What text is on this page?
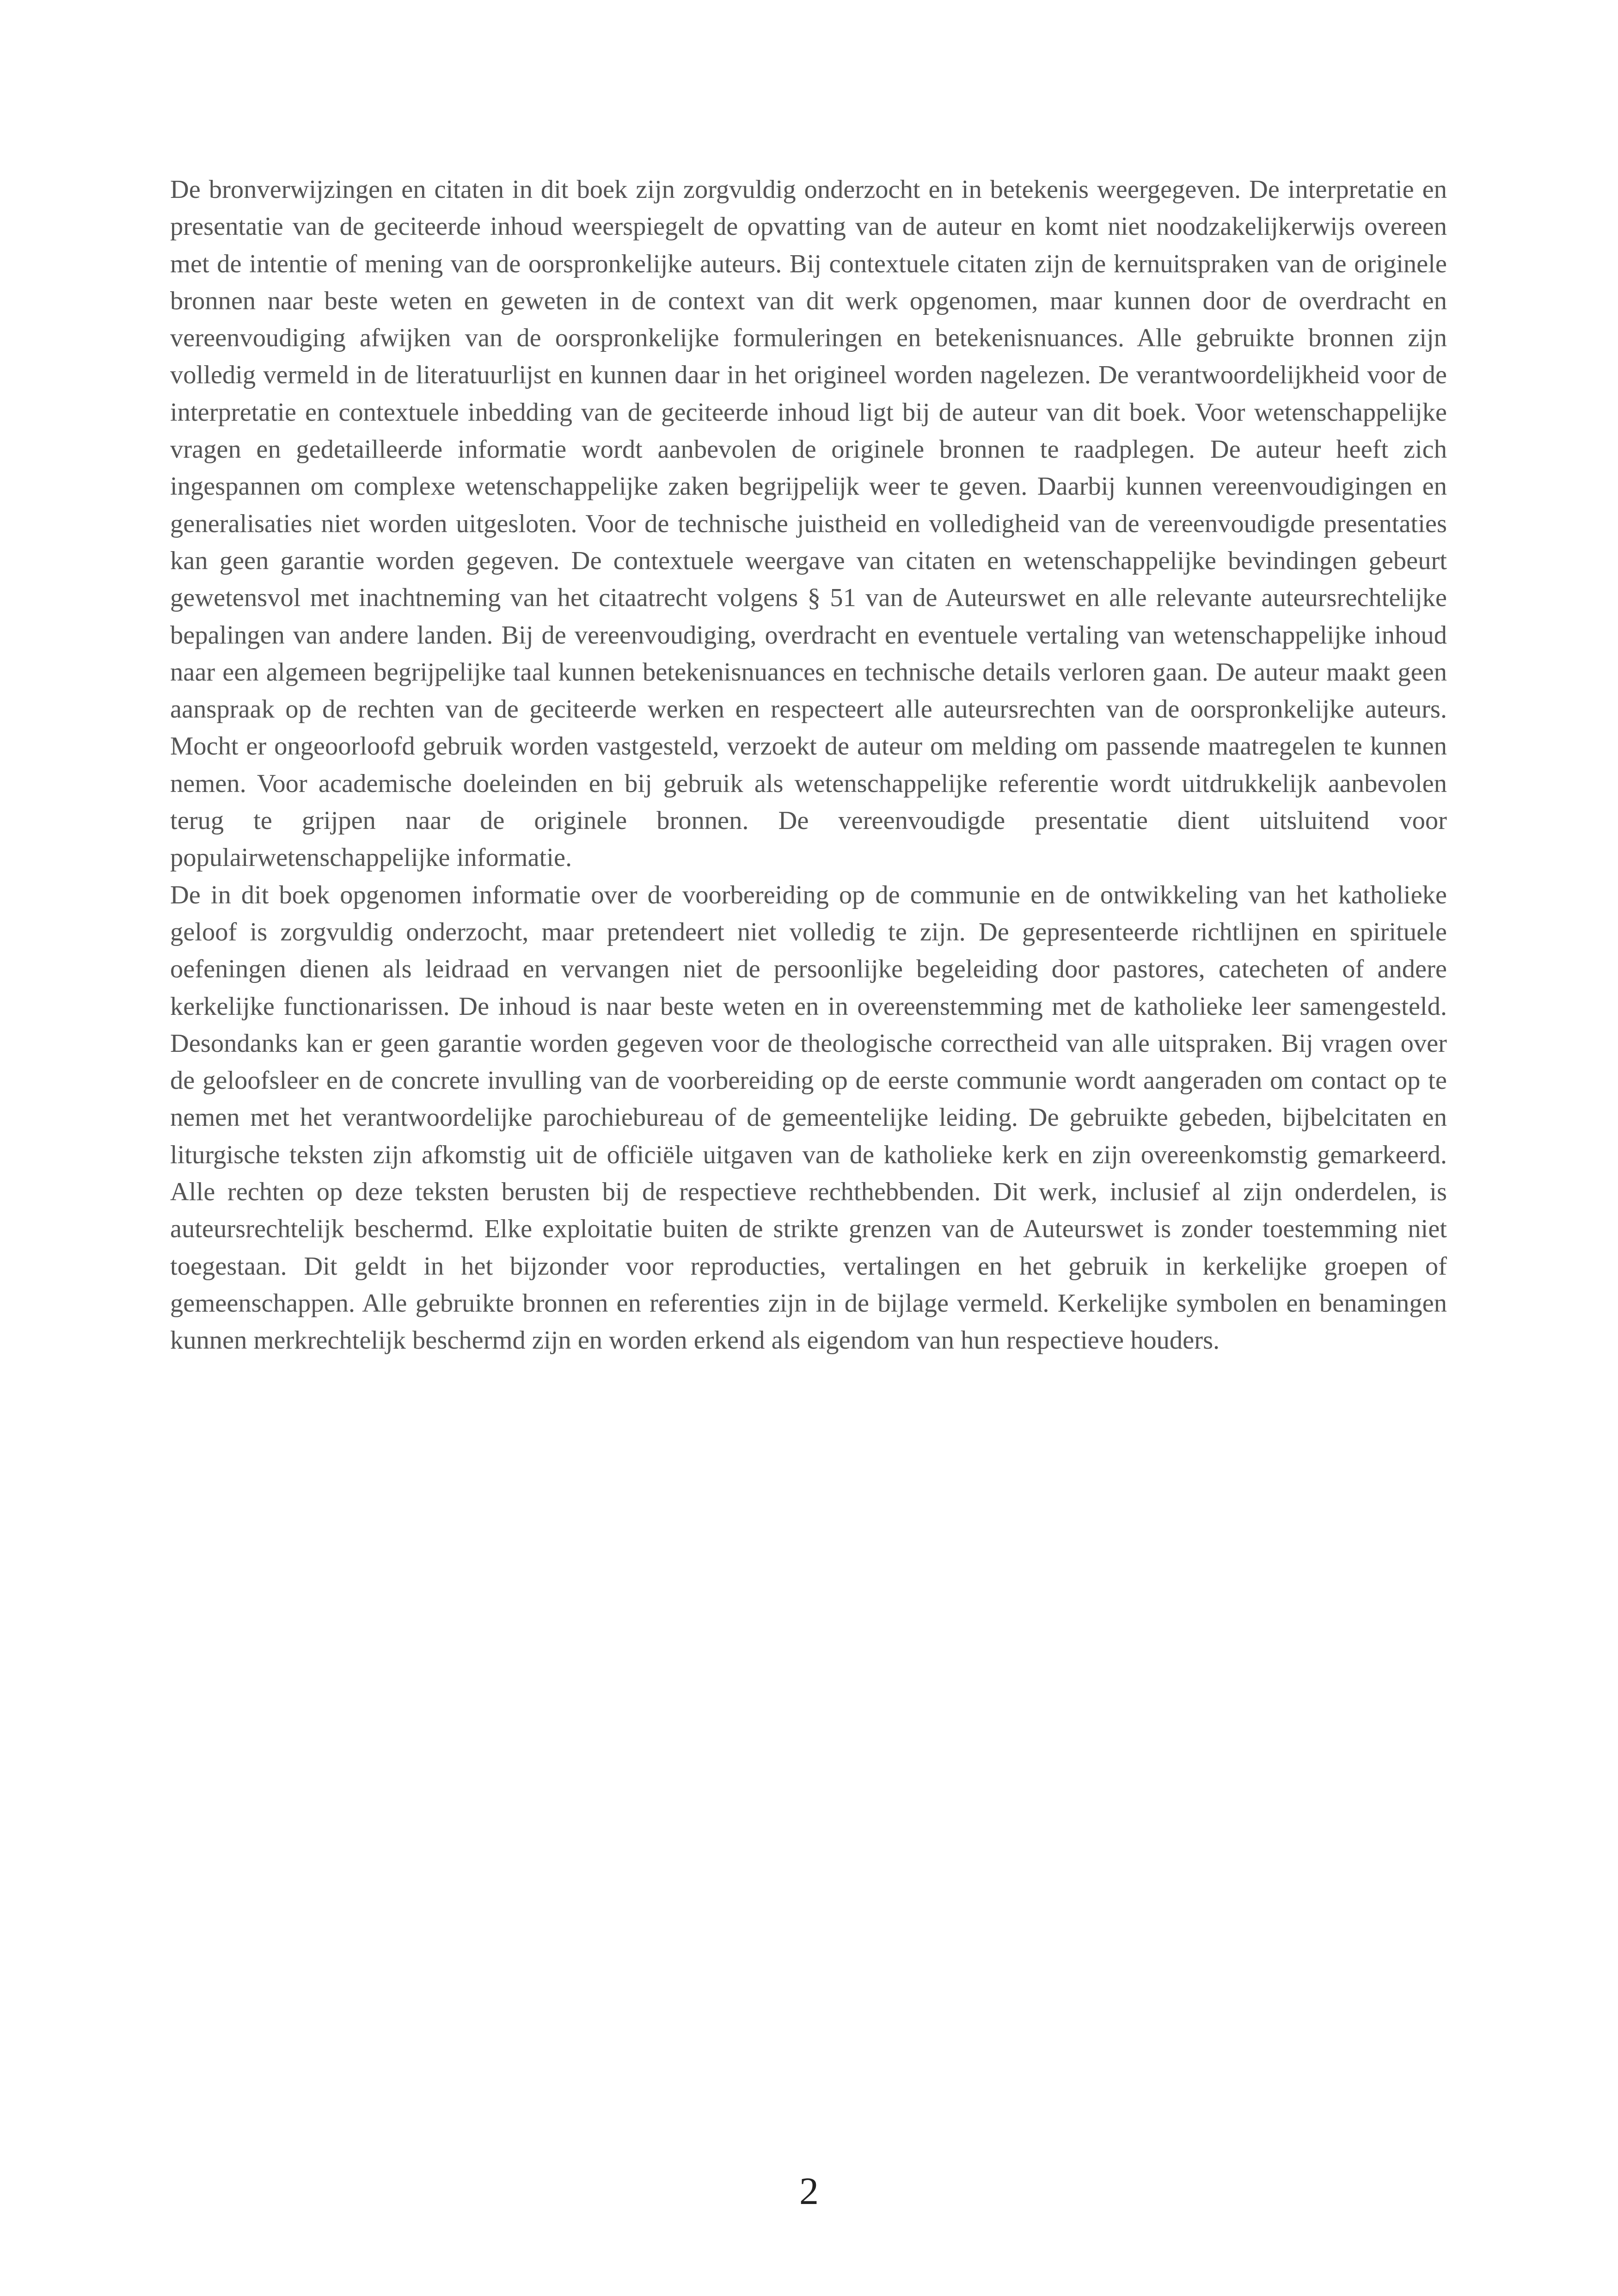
De bronverwijzingen en citaten in dit boek zijn zorgvuldig onderzocht en in betekenis weergegeven. De interpretatie en presentatie van de geciteerde inhoud weerspiegelt de opvatting van de auteur en komt niet noodzakelijkerwijs overeen met de intentie of mening van de oorspronkelijke auteurs. Bij contextuele citaten zijn de kernuitspraken van de originele bronnen naar beste weten en geweten in de context van dit werk opgenomen, maar kunnen door de overdracht en vereenvoudiging afwijken van de oorspronkelijke formuleringen en betekenisnuances. Alle gebruikte bronnen zijn volledig vermeld in de literatuurlijst en kunnen daar in het origineel worden nagelezen. De verantwoordelijkheid voor de interpretatie en contextuele inbedding van de geciteerde inhoud ligt bij de auteur van dit boek. Voor wetenschappelijke vragen en gedetailleerde informatie wordt aanbevolen de originele bronnen te raadplegen. De auteur heeft zich ingespannen om complexe wetenschappelijke zaken begrijpelijk weer te geven. Daarbij kunnen vereenvoudigingen en generalisaties niet worden uitgesloten. Voor de technische juistheid en volledigheid van de vereenvoudigde presentaties kan geen garantie worden gegeven. De contextuele weergave van citaten en wetenschappelijke bevindingen gebeurt gewetensvol met inachtneming van het citaatrecht volgens § 51 van de Auteurswet en alle relevante auteursrechtelijke bepalingen van andere landen. Bij de vereenvoudiging, overdracht en eventuele vertaling van wetenschappelijke inhoud naar een algemeen begrijpelijke taal kunnen betekenisnuances en technische details verloren gaan. De auteur maakt geen aanspraak op de rechten van de geciteerde werken en respecteert alle auteursrechten van de oorspronkelijke auteurs. Mocht er ongeoorloofd gebruik worden vastgesteld, verzoekt de auteur om melding om passende maatregelen te kunnen nemen. Voor academische doeleinden en bij gebruik als wetenschappelijke referentie wordt uitdrukkelijk aanbevolen terug te grijpen naar de originele bronnen. De vereenvoudigde presentatie dient uitsluitend voor populairwetenschappelijke informatie.

De in dit boek opgenomen informatie over de voorbereiding op de communie en de ontwikkeling van het katholieke geloof is zorgvuldig onderzocht, maar pretendeert niet volledig te zijn. De gepresenteerde richtlijnen en spirituele oefeningen dienen als leidraad en vervangen niet de persoonlijke begeleiding door pastores, catecheten of andere kerkelijke functionarissen. De inhoud is naar beste weten en in overeenstemming met de katholieke leer samengesteld. Desondanks kan er geen garantie worden gegeven voor de theologische correctheid van alle uitspraken. Bij vragen over de geloofsleer en de concrete invulling van de voorbereiding op de eerste communie wordt aangeraden om contact op te nemen met het verantwoordelijke parochiebureau of de gemeentelijke leiding. De gebruikte gebeden, bijbelcitaten en liturgische teksten zijn afkomstig uit de officiële uitgaven van de katholieke kerk en zijn overeenkomstig gemarkeerd. Alle rechten op deze teksten berusten bij de respectieve rechthebbenden. Dit werk, inclusief al zijn onderdelen, is auteursrechtelijk beschermd. Elke exploitatie buiten de strikte grenzen van de Auteurswet is zonder toestemming niet toegestaan. Dit geldt in het bijzonder voor reproducties, vertalingen en het gebruik in kerkelijke groepen of gemeenschappen. Alle gebruikte bronnen en referenties zijn in de bijlage vermeld. Kerkelijke symbolen en benamingen kunnen merkrechtelijk beschermd zijn en worden erkend als eigendom van hun respectieve houders.

2
